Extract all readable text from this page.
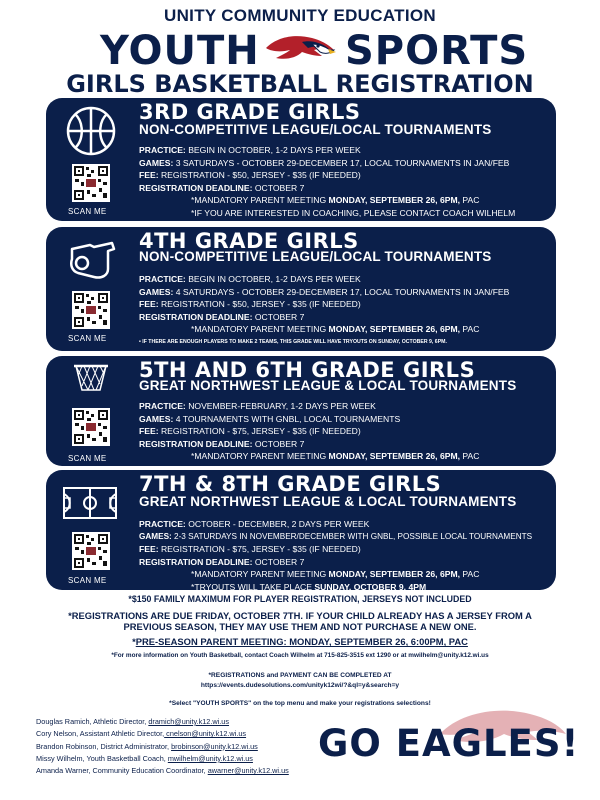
UNITY COMMUNITY EDUCATION
YOUTH SPORTS
GIRLS BASKETBALL REGISTRATION
SCAN ME
3RD GRADE GIRLS
NON-COMPETITIVE LEAGUE/LOCAL TOURNAMENTS
PRACTICE: BEGIN IN OCTOBER, 1-2 DAYS PER WEEK
GAMES: 3 SATURDAYS - OCTOBER 29-DECEMBER 17, LOCAL TOURNAMENTS IN JAN/FEB
FEE: REGISTRATION - $50, JERSEY - $35 (IF NEEDED)
REGISTRATION DEADLINE: OCTOBER 7
*MANDATORY PARENT MEETING MONDAY, SEPTEMBER 26, 6PM, PAC
*IF YOU ARE INTERESTED IN COACHING, PLEASE CONTACT COACH WILHELM
SCAN ME
4TH GRADE GIRLS
NON-COMPETITIVE LEAGUE/LOCAL TOURNAMENTS
PRACTICE: BEGIN IN OCTOBER, 1-2 DAYS PER WEEK
GAMES: 4 SATURDAYS - OCTOBER 29-DECEMBER 17, LOCAL TOURNAMENTS IN JAN/FEB
FEE: REGISTRATION - $50, JERSEY - $35 (IF NEEDED)
REGISTRATION DEADLINE: OCTOBER 7
*MANDATORY PARENT MEETING MONDAY, SEPTEMBER 26, 6PM, PAC
• IF THERE ARE ENOUGH PLAYERS TO MAKE 2 TEAMS, THIS GRADE WILL HAVE TRYOUTS ON SUNDAY, OCTOBER 9, 6PM.
SCAN ME
5TH AND 6TH GRADE GIRLS
GREAT NORTHWEST LEAGUE & LOCAL TOURNAMENTS
PRACTICE: NOVEMBER-FEBRUARY, 1-2 DAYS PER WEEK
GAMES: 4 TOURNAMENTS WITH GNBL, LOCAL TOURNAMENTS
FEE: REGISTRATION - $75, JERSEY - $35 (IF NEEDED)
REGISTRATION DEADLINE: OCTOBER 7
*MANDATORY PARENT MEETING MONDAY, SEPTEMBER 26, 6PM, PAC
SCAN ME
7TH & 8TH GRADE GIRLS
GREAT NORTHWEST LEAGUE & LOCAL TOURNAMENTS
PRACTICE: OCTOBER - DECEMBER, 2 DAYS PER WEEK
GAMES: 2-3 SATURDAYS IN NOVEMBER/DECEMBER WITH GNBL, POSSIBLE LOCAL TOURNAMENTS
FEE: REGISTRATION - $75, JERSEY - $35 (IF NEEDED)
REGISTRATION DEADLINE: OCTOBER 7
*MANDATORY PARENT MEETING MONDAY, SEPTEMBER 26, 6PM, PAC
*TRYOUTS WILL TAKE PLACE SUNDAY, OCTOBER 9, 4PM
*$150 FAMILY MAXIMUM FOR PLAYER REGISTRATION, JERSEYS NOT INCLUDED
*REGISTRATIONS ARE DUE FRIDAY, OCTOBER 7TH. IF YOUR CHILD ALREADY HAS A JERSEY FROM A
PREVIOUS SEASON, THEY MAY USE THEM AND NOT PURCHASE A NEW ONE.
*PRE-SEASON PARENT MEETING: MONDAY, SEPTEMBER 26, 6:00PM, PAC
*For more information on Youth Basketball, contact Coach Wilhelm at 715-825-3515 ext 1290 or at mwilhelm@unity.k12.wi.us
*REGISTRATIONS and PAYMENT CAN BE COMPLETED AT
https://events.dudesolutions.com/unityk12wi/?&ql=y&search=y
*Select "YOUTH SPORTS" on the top menu and make your registrations selections!
Douglas Ramich, Athletic Director, dramich@unity.k12.wi.us
Cory Nelson, Assistant Athletic Director, cnelson@unity.k12.wi.us
Brandon Robinson, District Administrator, brobinson@unity.k12.wi.us
Missy Wilhelm, Youth Basketball Coach, mwilhelm@unity.k12.wi.us
Amanda Warner, Community Education Coordinator, awarner@unity.k12.wi.us
GO EAGLES!
